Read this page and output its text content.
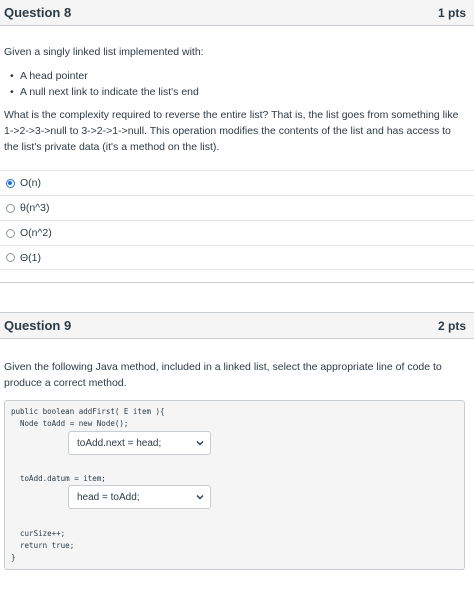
Question 8	1 pts
Given a singly linked list implemented with:
• A head pointer
• A null next link to indicate the list's end
What is the complexity required to reverse the entire list? That is, the list goes from something like 1->2->3->null to 3->2->1->null. This operation modifies the contents of the list and has access to the list's private data (it's a method on the list).
O(n)
θ(n^3)
O(n^2)
Θ(1)
Question 9	2 pts
Given the following Java method, included in a linked list, select the appropriate line of code to produce a correct method.
public boolean addFirst( E item ){
Node toAdd = new Node();
toAdd.next = head;
toAdd.datum = item;
head = toAdd;
curSize++;
return true;
}
